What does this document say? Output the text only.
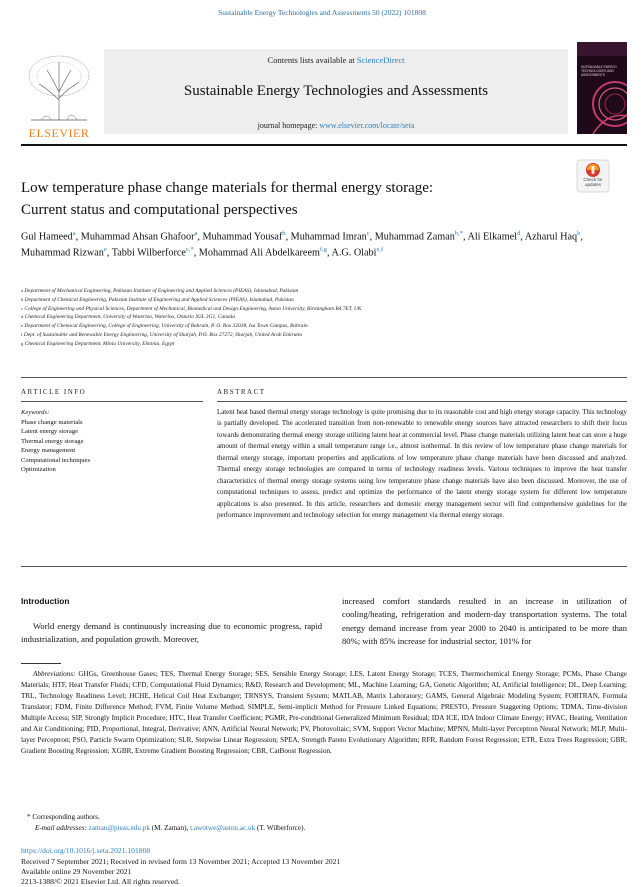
Sustainable Energy Technologies and Assessments 50 (2022) 101808
ELSEVIER
Contents lists available at ScienceDirect
Sustainable Energy Technologies and Assessments
journal homepage: www.elsevier.com/locate/seta
SUSTAINABLE ENERGY TECHNOLOGIES AND ASSESSMENTS
Check for
updates
Low temperature phase change materials for thermal energy storage:
Current status and computational perspectives
Gul Hameed$^a$, Muhammad Ahsan Ghafoor$^a$, Muhammad Yousaf$^b$, Muhammad Imran$^c$, Muhammad Zaman$^{b,*}$, Ali Elkamel$^d$, Azharul Haq$^b$, Muhammad Rizwan$^e$, Tabbi Wilberforce$^{c,*}$, Mohammad Ali Abdelkareem$^{f,g}$, A.G. Olabi$^{e,f}$
$^a$ Department of Mechanical Engineering, Pakistan Institute of Engineering and Applied Sciences (PIEAS), Islamabad, Pakistan
$^b$ Department of Chemical Engineering, Pakistan Institute of Engineering and Applied Sciences (PIEAS), Islamabad, Pakistan
$^c$ College of Engineering and Physical Sciences, Department of Mechanical, Biomedical and Design Engineering, Aston University, Birmingham B4 7ET, UK
$^d$ Chemical Engineering Department, University of Waterloo, Waterloo, Ontario N2L 3G1, Canada
$^e$ Department of Chemical Engineering, College of Engineering, University of Bahrain, P. O. Box 32038, Isa Town Campus, Bahrain
$^f$ Dept. of Sustainable and Renewable Energy Engineering, University of Sharjah, P.O. Box 27272, Sharjah, United Arab Emirates
$^g$ Chemical Engineering Department, Minia University, Elminia, Egypt
ARTICLE INFO	ABSTRACT
Keywords:
Phase change materials
Latent energy storage
Thermal energy storage
Energy management
Computational techniques
Optimization
Latent heat based thermal energy storage technology is quite promising due to its reasonable cost and high energy storage capacity. This technology is partially developed. The accelerated transition from non-renewable to renewable energy sources have attracted researchers to shift their focus towards demonstrating thermal energy storage utilizing latent heat at commercial level. Phase change materials utilizing latent heat can store a huge amount of thermal energy within a small temperature range i.e., almost isothermal. In this review of low temperature phase change materials for thermal energy storage, important properties and applications of low temperature phase change materials have been discussed and analyzed. Thermal energy storage technologies are compared in terms of technology readiness levels. Various techniques to improve the heat transfer characteristics of thermal energy storage systems using low temperature phase change materials have also been discussed. Moreover, the use of computational techniques to assess, predict and optimize the performance of the latent energy storage system for different low temperature applications is also presented. In this article, researchers and domestic energy management sector will find comprehensive guidelines for the performance improvement and technology selection for energy management via thermal energy storage.
Introduction
World energy demand is continuously increasing due to economic progress, rapid industrialization, and population growth. Moreover,
increased comfort standards resulted in an increase in utilization of cooling/heating, refrigeration and modern-day transportation systems. The total energy demand increase from year 2000 to 2040 is anticipated to be more than 80%; with 85% increase for industrial sector, 101% for
Abbreviations: GHGs, Greenhouse Gases; TES, Thermal Energy Storage; SES, Sensible Energy Storage; LES, Latent Energy Storage; TCES, Thermochemical Energy Storage; PCMs, Phase Change Materials; HTF, Heat Transfer Fluids; CFD, Computational Fluid Dynamics; R&D, Research and Development; ML, Machine Learning; GA, Genetic Algorithm; AI, Artificial Intelligence; DL, Deep Learning; TRL, Technology Readiness Level; HCHE, Helical Coil Heat Exchanger; TRNSYS, Transient System; MATLAB, Matrix Laboratory; GAMS, General Algebraic Modeling System; FORTRAN, Formula Translator; FDM, Finite Difference Method; FVM, Finite Volume Method; SIMPLE, Semi-implicit Method for Pressure Linked Equations; PRESTO, Pressure Staggering Options; TDMA, Time-division Multiple Access; SIP, Strongly Implicit Procedure; HTC, Heat Transfer Coefficient; PGMR, Pre-conditional Generalized Minimum Residual; IDA ICE, IDA Indoor Climate Energy; HVAC, Heating, Ventilation and Air Conditioning; PID, Proportional, Integral, Derivative; ANN, Artificial Neural Network; PV, Photovoltaic; SVM, Support Vector Machine; MPNN, Multi-layer Perceptron Neural Network; MLP, Multi-layer Perceptron; PSO, Particle Swarm Optimization; SLR, Stepwise Linear Regression; SPEA, Strength Pareto Evolutionary Algorithm; RFR, Random Forest Regression; ETR, Extra Trees Regression; GBR, Gradient Boosting Regression; XGBR, Extreme Gradient Boosting Regression; CBR, CatBoost Regression.
* Corresponding authors.
E-mail addresses: zaman@pieas.edu.pk (M. Zaman), t.awotwe@aston.ac.uk (T. Wilberforce).
https://doi.org/10.1016/j.seta.2021.101808
Received 7 September 2021; Received in revised form 13 November 2021; Accepted 13 November 2021
Available online 29 November 2021
2213-1388/© 2021 Elsevier Ltd. All rights reserved.
